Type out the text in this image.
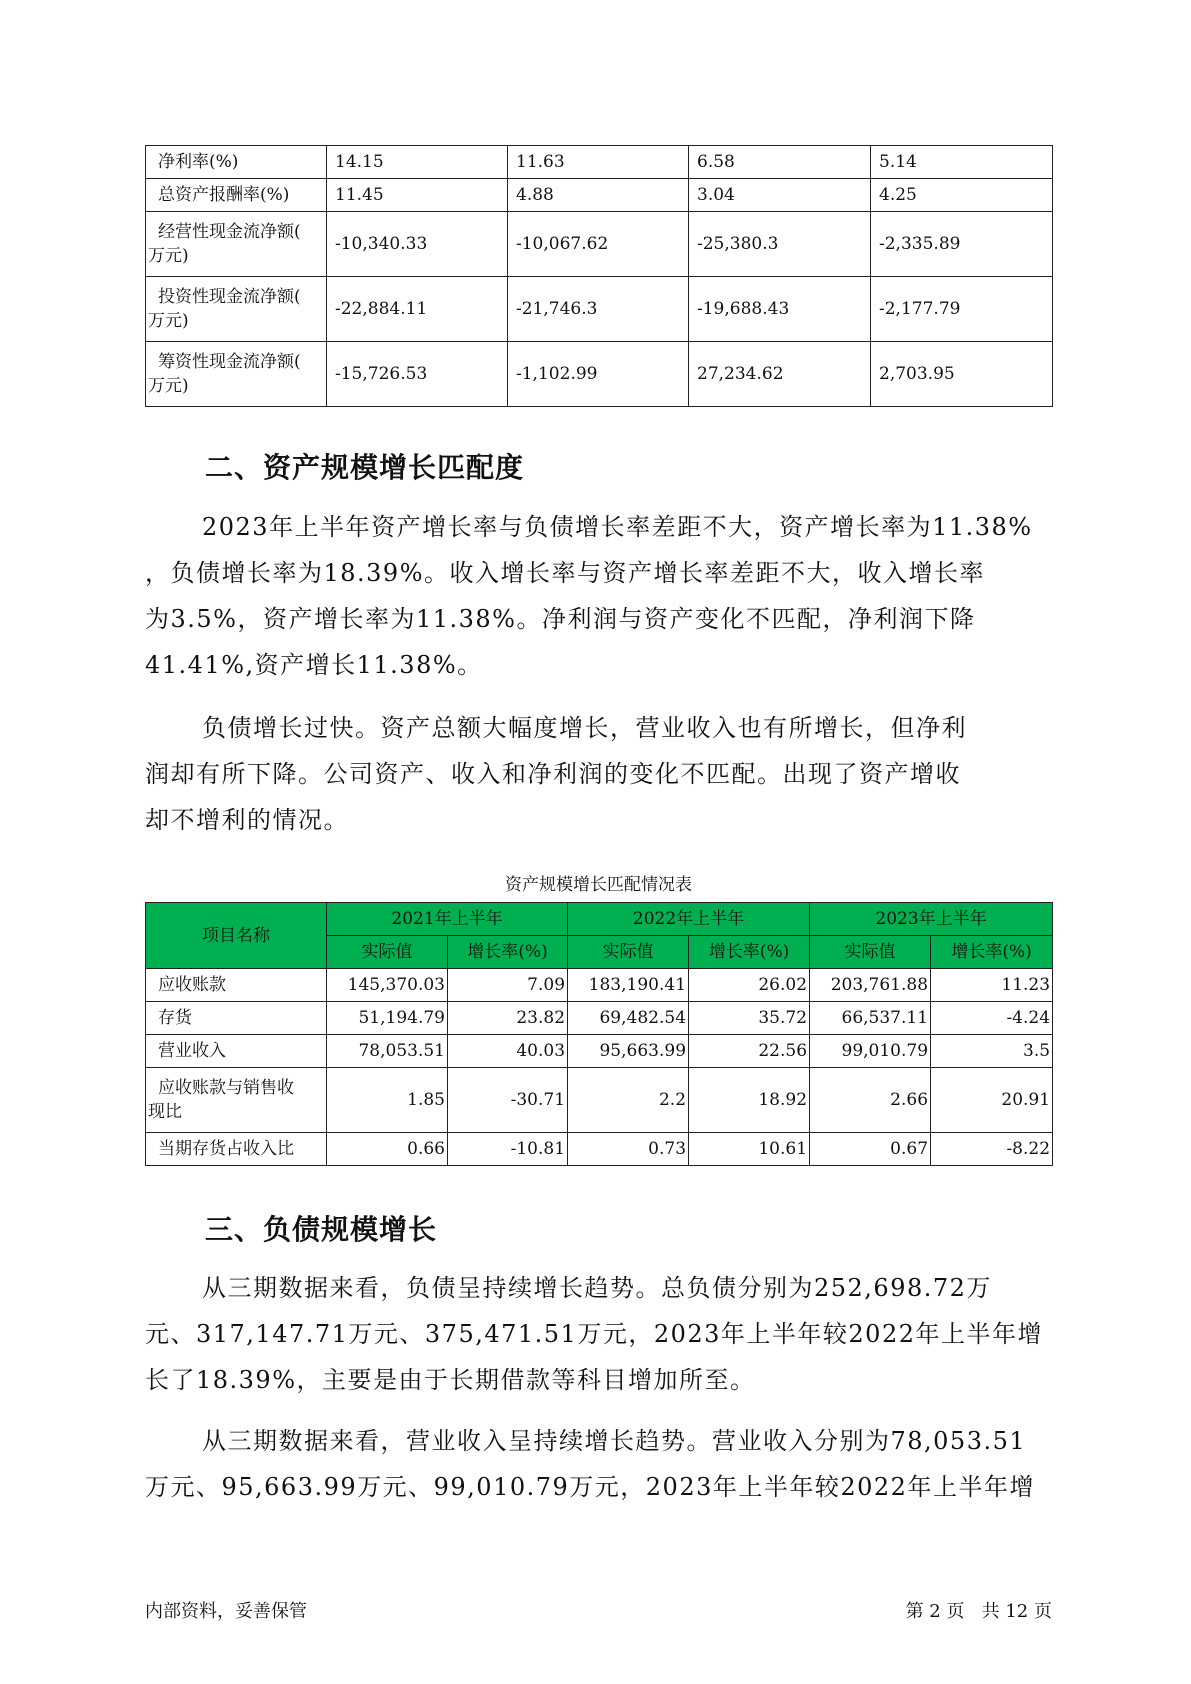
净利率(%)	14.15	11.63	6.58	5.14
总资产报酬率(%)	11.45	4.88	3.04	4.25

经营性现金流净额(
万元)	-10,340.33	-10,067.62	-25,380.3	-2,335.89

投资性现金流净额(
万元)	-22,884.11	-21,746.3	-19,688.43	-2,177.79

筹资性现金流净额(
万元)	-15,726.53	-1,102.99	27,234.62	2,703.95
二、资产规模增长匹配度

2023年上半年资产增长率与负债增长率差距不大，资产增长率为11.38%
，负债增长率为18.39%。收入增长率与资产增长率差距不大，收入增长率
为3.5%，资产增长率为11.38%。净利润与资产变化不匹配，净利润下降
41.41%,资产增长11.38%。

负债增长过快。资产总额大幅度增长，营业收入也有所增长，但净利
润却有所下降。公司资产、收入和净利润的变化不匹配。出现了资产增收
却不增利的情况。

资产规模增长匹配情况表
项目名称	2021年上半年		2022年上半年		2023年上半年	
	实际值	增长率(%)	实际值	增长率(%)	实际值	增长率(%)
应收账款	145,370.03	7.09	183,190.41	26.02	203,761.88	11.23
存货	51,194.79	23.82	69,482.54	35.72	66,537.11	-4.24
营业收入	78,053.51	40.03	95,663.99	22.56	99,010.79	3.5

应收账款与销售收
现比	1.85	-30.71	2.2	18.92	2.66	20.91
当期存货占收入比	0.66	-10.81	0.73	10.61	0.67	-8.22
三、负债规模增长

从三期数据来看，负债呈持续增长趋势。总负债分别为252,698.72万
元、317,147.71万元、375,471.51万元，2023年上半年较2022年上半年增
长了18.39%，主要是由于长期借款等科目增加所至。

从三期数据来看，营业收入呈持续增长趋势。营业收入分别为78,053.51
万元、95,663.99万元、99,010.79万元，2023年上半年较2022年上半年增

内部资料，妥善保管	第 2 页   共 12 页
